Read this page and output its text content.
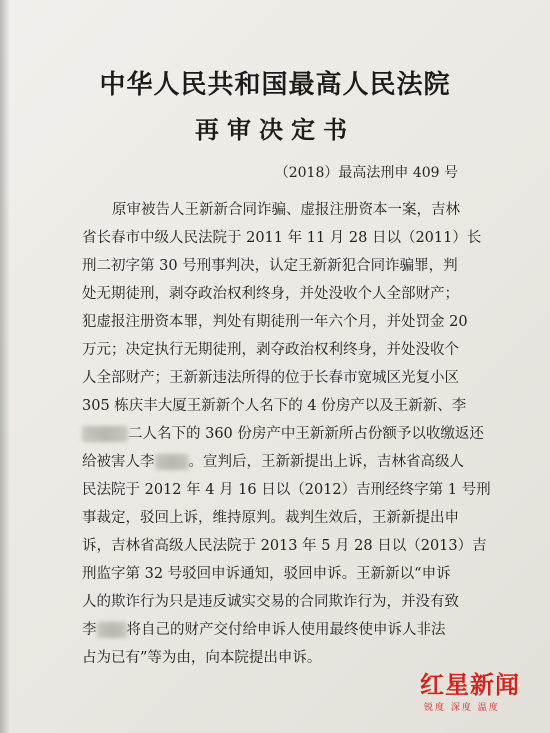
中华人民共和国最高人民法院
再审决定书
（2018）最高法刑申 409 号
原审被告人王新新合同诈骗、虚报注册资本一案，吉林
省长春市中级人民法院于 2011 年 11 月 28 日以（2011）长
刑二初字第 30 号刑事判决，认定王新新犯合同诈骗罪，判
处无期徒刑，剥夺政治权利终身，并处没收个人全部财产；
犯虚报注册资本罪，判处有期徒刑一年六个月，并处罚金 20
万元；决定执行无期徒刑，剥夺政治权利终身，并处没收个
人全部财产；王新新违法所得的位于长春市宽城区光复小区
305 栋庆丰大厦王新新个人名下的 4 份房产以及王新新、李
二人名下的 360 份房产中王新新所占份额予以收缴返还
给被害人李 。宣判后，王新新提出上诉，吉林省高级人
民法院于 2012 年 4 月 16 日以（2012）吉刑经终字第 1 号刑
事裁定，驳回上诉，维持原判。裁判生效后，王新新提出申
诉，吉林省高级人民法院于 2013 年 5 月 28 日以（2013）吉
刑监字第 32 号驳回申诉通知，驳回申诉。王新新以“申诉
人的欺诈行为只是违反诚实交易的合同欺诈行为，并没有致
李 将自己的财产交付给申诉人使用最终使申诉人非法
占为已有”等为由，向本院提出申诉。
红星新闻
锐度 深度 温度
